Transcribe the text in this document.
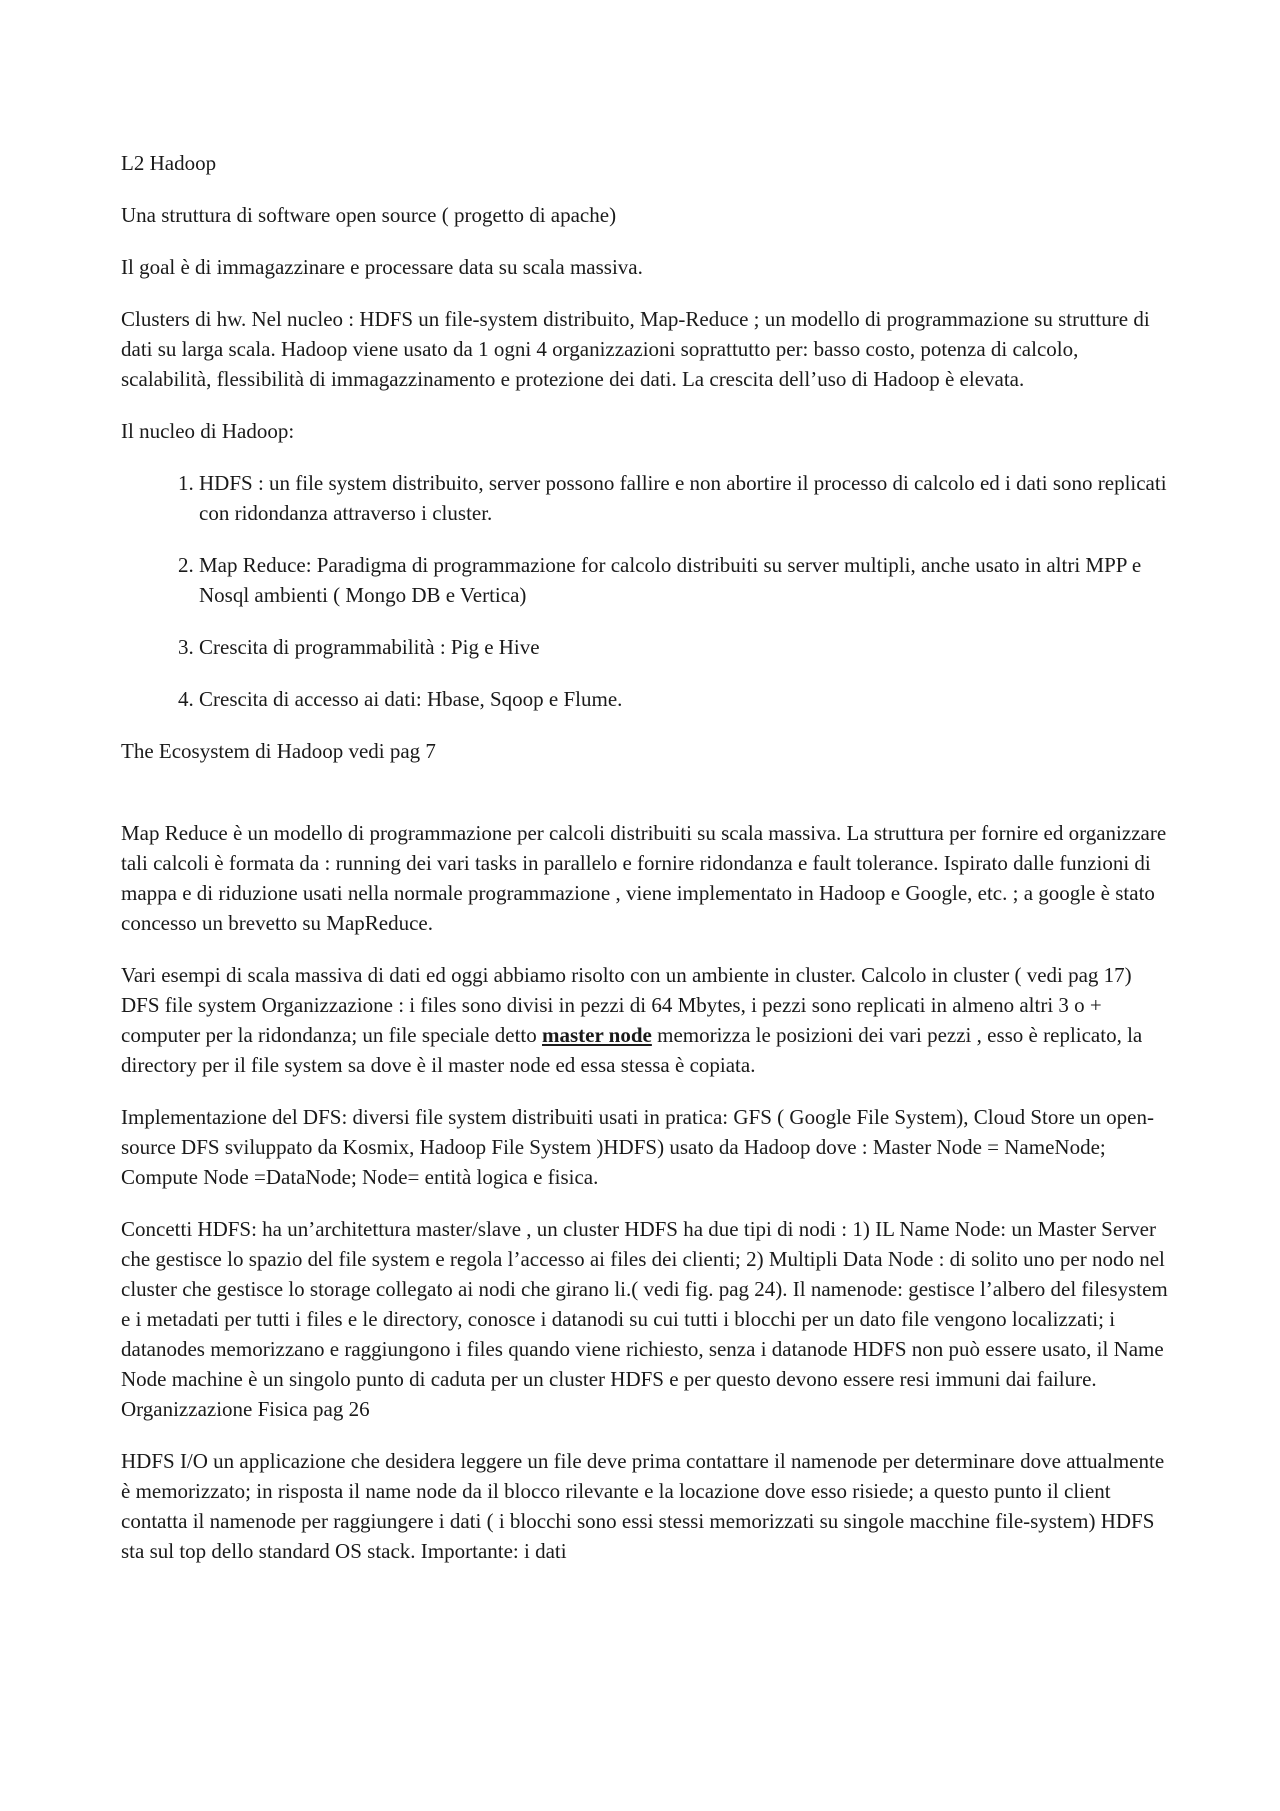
L2 Hadoop

Una struttura di software open source ( progetto di apache)

Il goal è di immagazzinare e processare data su scala massiva.

Clusters di hw. Nel nucleo : HDFS un file-system distribuito, Map-Reduce ; un modello di programmazione su strutture di dati su larga scala. Hadoop viene usato da 1 ogni 4 organizzazioni soprattutto per: basso costo, potenza di calcolo, scalabilità, flessibilità di immagazzinamento e protezione dei dati. La crescita dell’uso di Hadoop è elevata.

Il nucleo di Hadoop:

1. HDFS : un file system distribuito, server possono fallire e non abortire il processo di calcolo ed i dati sono replicati con ridondanza attraverso i cluster.
2. Map Reduce: Paradigma di programmazione for calcolo distribuiti su server multipli, anche usato in altri MPP e Nosql ambienti ( Mongo DB e Vertica)
3. Crescita di programmabilità : Pig e Hive
4. Crescita di accesso ai dati: Hbase, Sqoop e Flume.

The Ecosystem di Hadoop vedi pag 7

Map Reduce è un modello di programmazione per calcoli distribuiti su scala massiva. La struttura per fornire ed organizzare tali calcoli è formata da : running dei vari tasks in parallelo e fornire ridondanza e fault tolerance. Ispirato dalle funzioni di mappa e di riduzione usati nella normale programmazione , viene implementato in Hadoop e Google, etc. ; a google è stato concesso un brevetto su MapReduce.

Vari esempi di scala massiva di dati ed oggi abbiamo risolto con un ambiente in cluster. Calcolo in cluster ( vedi pag 17) DFS file system Organizzazione : i files sono divisi in pezzi di 64 Mbytes, i pezzi sono replicati in almeno altri 3 o + computer per la ridondanza; un file speciale detto master node memorizza le posizioni dei vari pezzi , esso è replicato, la directory per il file system sa dove è il master node ed essa stessa è copiata.

Implementazione del DFS: diversi file system distribuiti usati in pratica: GFS ( Google File System), Cloud Store un open-source DFS sviluppato da Kosmix, Hadoop File System )HDFS) usato da Hadoop dove : Master Node = NameNode; Compute Node =DataNode; Node= entità logica e fisica.

Concetti HDFS: ha un’architettura master/slave , un cluster HDFS ha due tipi di nodi : 1) IL Name Node: un Master Server che gestisce lo spazio del file system e regola l’accesso ai files dei clienti; 2) Multipli Data Node : di solito uno per nodo nel cluster che gestisce lo storage collegato ai nodi che girano li.( vedi fig. pag 24). Il namenode: gestisce l’albero del filesystem e i metadati per tutti i files e le directory, conosce i datanodi su cui tutti i blocchi per un dato file vengono localizzati; i datanodes memorizzano e raggiungono i files quando viene richiesto, senza i datanode HDFS non può essere usato, il Name Node machine è un singolo punto di caduta per un cluster HDFS e per questo devono essere resi immuni dai failure.
Organizzazione Fisica pag 26

HDFS I/O un applicazione che desidera leggere un file deve prima contattare il namenode per determinare dove attualmente è memorizzato; in risposta il name node da il blocco rilevante e la locazione dove esso risiede; a questo punto il client contatta il namenode per raggiungere i dati ( i blocchi sono essi stessi memorizzati su singole macchine file-system) HDFS sta sul top dello standard OS stack. Importante: i dati
